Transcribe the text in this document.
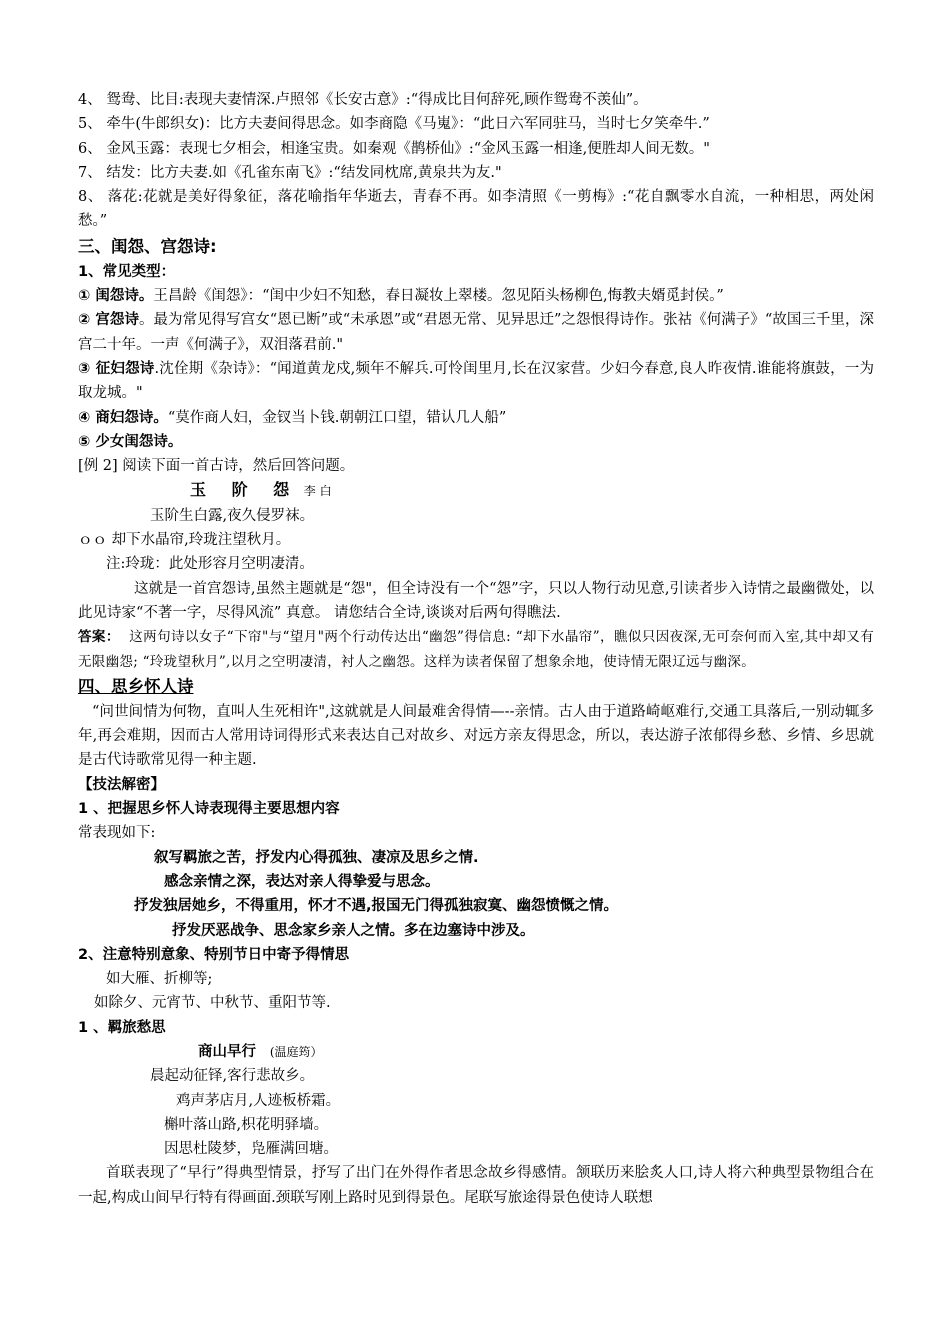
4、 鸳鸯、比目:表现夫妻情深.卢照邻《长安古意》:“得成比目何辞死,顾作鸳鸯不羡仙”。
5、 牵牛(牛郎织女)：比方夫妻间得思念。如李商隐《马嵬》：“此日六军同驻马，当时七夕笑牵牛.”
6、 金风玉露：表现七夕相会，相逢宝贵。如秦观《鹊桥仙》:“金风玉露一相逢,便胜却人间无数。"
7、 结发：比方夫妻.如《孔雀东南飞》:“结发同枕席,黄泉共为友."
8、 落花:花就是美好得象征，落花喻指年华逝去，青春不再。如李清照《一剪梅》:“花自飘零水自流，一种相思，两处闲愁。”
三、闺怨、宫怨诗:
1、常见类型：
① 闺怨诗。王昌龄《闺怨》：“闺中少妇不知愁，春日凝妆上翠楼。忽见陌头杨柳色,悔教夫婿觅封侯。”
② 宫怨诗。最为常见得写宫女“恩已断”或“未承恩”或“君恩无常、见异思迁”之怨恨得诗作。张祜《何满子》“故国三千里，深宫二十年。一声《何满子》，双泪落君前."
③ 征妇怨诗.沈佺期《杂诗》：“闻道黄龙戍,频年不解兵.可怜闺里月,长在汉家营。少妇今春意,良人昨夜情.谁能将旗鼓，一为取龙城。"
④ 商妇怨诗。“莫作商人妇，金钗当卜钱.朝朝江口望，错认几人船”
⑤ 少女闺怨诗。
[例 2] 阅读下面一首古诗，然后回答问题。
玉 阶 怨 李 白
玉阶生白露,夜久侵罗袜。
ｏｏ 却下水晶帘,玲珑注望秋月。
注:玲珑：此处形容月空明凄清。
这就是一首宫怨诗,虽然主题就是“怨"，但全诗没有一个“怨”字，只以人物行动见意,引读者步入诗情之最幽微处，以此见诗家“不著一字，尽得风流” 真意。 请您结合全诗,谈谈对后两句得瞧法.
答案： 这两句诗以女子“下帘"与“望月"两个行动传达出“幽怨”得信息: “却下水晶帘”，瞧似只因夜深,无可奈何而入室,其中却又有无限幽怨; “玲珑望秋月”,以月之空明凄清，衬人之幽怨。这样为读者保留了想象余地，使诗情无限辽远与幽深。
四、思乡怀人诗
“问世间情为何物，直叫人生死相许",这就就是人间最难舍得情—--亲情。古人由于道路崎岖难行,交通工具落后,一别动辄多年,再会难期，因而古人常用诗词得形式来表达自己对故乡、对远方亲友得思念，所以，表达游子浓郁得乡愁、乡情、乡思就是古代诗歌常见得一种主题.
【技法解密】
1 、把握思乡怀人诗表现得主要思想内容
常表现如下:
叙写羁旅之苦，抒发内心得孤独、凄凉及思乡之情.
感念亲情之深，表达对亲人得挚爱与思念。
抒发独居她乡，不得重用，怀才不遇,报国无门得孤独寂寞、幽怨愤慨之情。
抒发厌恶战争、思念家乡亲人之情。多在边塞诗中涉及。
2、注意特别意象、特别节日中寄予得情思
如大雁、折柳等;
如除夕、元宵节、中秋节、重阳节等.
1 、羁旅愁思
商山早行 (温庭筠）
晨起动征铎,客行悲故乡。
鸡声茅店月,人迹板桥霜。
槲叶落山路,枳花明驿墙。
因思杜陵梦，凫雁满回塘。
首联表现了“早行”得典型情景，抒写了出门在外得作者思念故乡得感情。颔联历来脍炙人口,诗人将六种典型景物组合在一起,构成山间早行特有得画面.颈联写刚上路时见到得景色。尾联写旅途得景色使诗人联想
